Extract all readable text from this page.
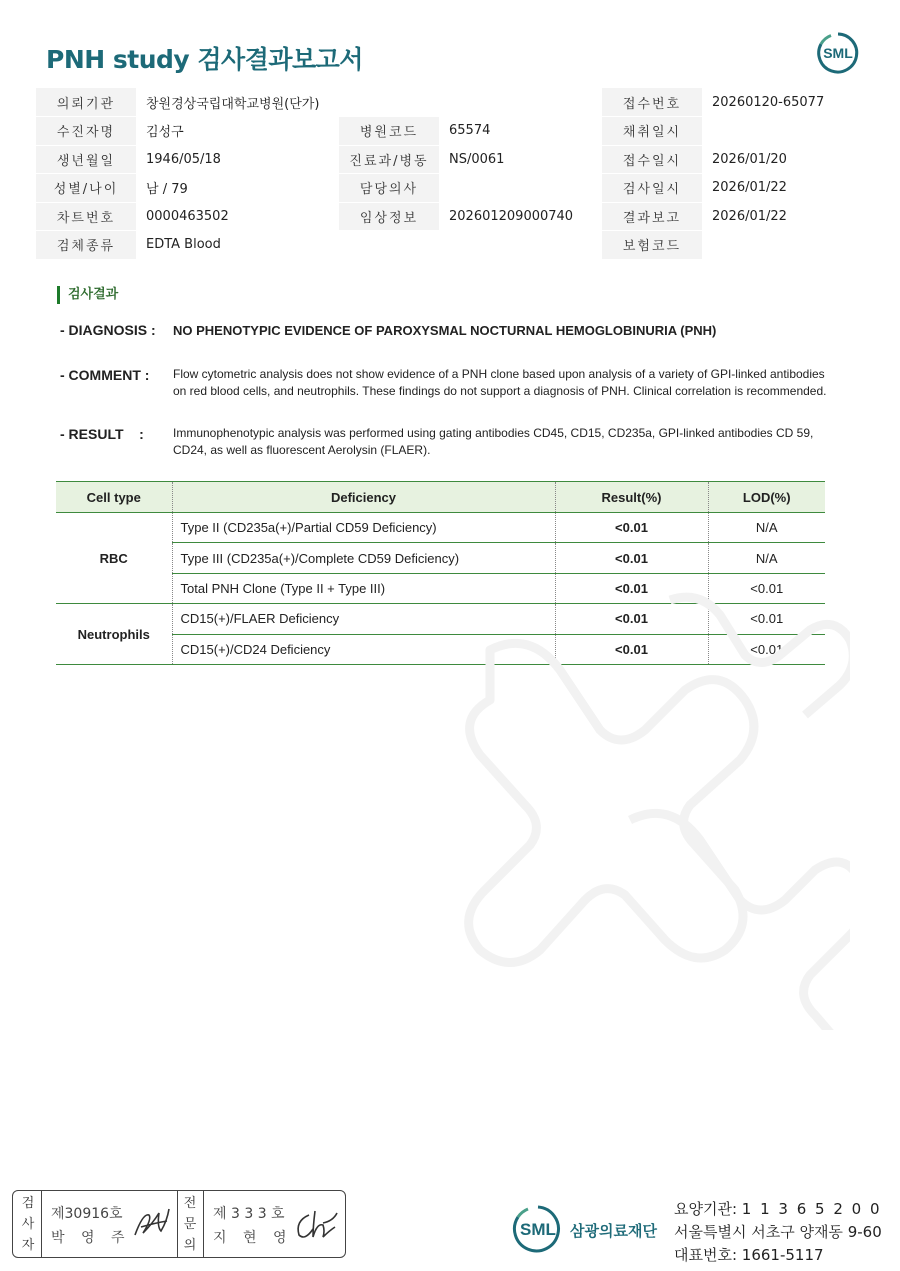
PNH study 검사결과보고서	SML
의뢰기관	창원경상국립대학교병원(단가)			접수번호	20260120-65077
수진자명	김성구	병원코드	65574	채취일시	
생년월일	1946/05/18	진료과/병동	NS/0061	접수일시	2026/01/20
성별/나이	남 / 79	담당의사		검사일시	2026/01/22
차트번호	0000463502	임상정보	202601209000740	결과보고	2026/01/22
검체종류	EDTA Blood			보험코드	
검사결과
- DIAGNOSIS : NO PHENOTYPIC EVIDENCE OF PAROXYSMAL NOCTURNAL HEMOGLOBINURIA (PNH)
- COMMENT : Flow cytometric analysis does not show evidence of a PNH clone based upon analysis of a variety of GPI-linked antibodies on red blood cells, and neutrophils. These findings do not support a diagnosis of PNH. Clinical correlation is recommended.
- RESULT    : Immunophenotypic analysis was performed using gating antibodies CD45, CD15, CD235a, GPI-linked antibodies CD 59, CD24, as well as fluorescent Aerolysin (FLAER).
Cell type	Deficiency	Result(%)	LOD(%)
RBC	Type II (CD235a(+)/Partial CD59 Deficiency)	<0.01	N/A
	Type III (CD235a(+)/Complete CD59 Deficiency)	<0.01	N/A
	Total PNH Clone (Type II + Type III)	<0.01	<0.01
Neutrophils	CD15(+)/FLAER Deficiency	<0.01	<0.01
	CD15(+)/CD24 Deficiency	<0.01	<0.01
검
사
자
제30916호
박 영 주
전
문
의
제 3 3 3 호
지 현 영	SML 삼광의료재단
요양기관: 1 1 3 6 5 2 0 0
서울특별시 서초구 양재동 9-60
대표번호: 1661-5117
